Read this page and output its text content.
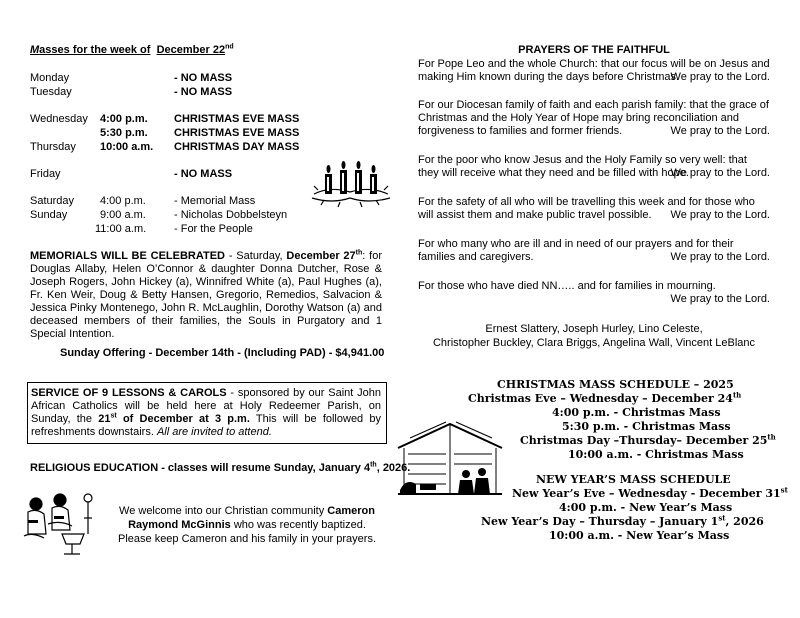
Masses for the week of December 22nd
Monday	- NO MASS
Tuesday	- NO MASS
Wednesday 4:00 p.m. CHRISTMAS EVE MASS
5:30 p.m. CHRISTMAS EVE MASS
Thursday 10:00 a.m. CHRISTMAS DAY MASS
Friday	- NO MASS
Saturday 4:00 p.m.	- Memorial Mass
Sunday	9:00 a.m.	- Nicholas Dobbelsteyn
11:00 a.m.	- For the People
MEMORIALS WILL BE CELEBRATED - Saturday, December 27th: for Douglas Allaby, Helen O’Connor & daughter Donna Dutcher, Rose & Joseph Rogers, John Hickey (a), Winnifred White (a), Paul Hughes (a), Fr. Ken Weir, Doug & Betty Hansen, Gregorio, Remedios, Salvacion & Jessica Pinky Montenego, John R. McLaughlin, Dorothy Watson (a) and deceased members of their families, the Souls in Purgatory and 1 Special Intention.
Sunday Offering - December 14th - (Including PAD) - $4,941.00
SERVICE OF 9 LESSONS & CAROLS - sponsored by our Saint John African Catholics will be held here at Holy Redeemer Parish, on Sunday, the 21st of December at 3 p.m. This will be followed by refreshments downstairs. All are invited to attend.
RELIGIOUS EDUCATION - classes will resume Sunday, January 4th, 2026.
We welcome into our Christian community Cameron Raymond McGinnis who was recently baptized. Please keep Cameron and his family in your prayers.
PRAYERS OF THE FAITHFUL
For Pope Leo and the whole Church: that our focus will be on Jesus and making Him known during the days before Christmas.
We pray to the Lord.
For our Diocesan family of faith and each parish family: that the grace of Christmas and the Holy Year of Hope may bring reconciliation and forgiveness to families and former friends.	We pray to the Lord.
For the poor who know Jesus and the Holy Family so very well: that they will receive what they need and be filled with hope.
We pray to the Lord.
For the safety of all who will be travelling this week and for those who will assist them and make public travel possible. We pray to the Lord.
For who many who are ill and in need of our prayers and for their families and caregivers.	We pray to the Lord.
For those who have died NN….. and for families in mourning.
We pray to the Lord.
Ernest Slattery, Joseph Hurley, Lino Celeste,
Christopher Buckley, Clara Briggs, Angelina Wall, Vincent LeBlanc
CHRISTMAS MASS SCHEDULE – 2025
Christmas Eve – Wednesday – December 24th
4:00 p.m. - Christmas Mass
5:30 p.m. - Christmas Mass
Christmas Day –Thursday– December 25th
10:00 a.m. - Christmas Mass
NEW YEAR’S MASS SCHEDULE
New Year’s Eve – Wednesday - December 31st
4:00 p.m. - New Year’s Mass
New Year’s Day – Thursday – January 1st, 2026
10:00 a.m. - New Year’s Mass
